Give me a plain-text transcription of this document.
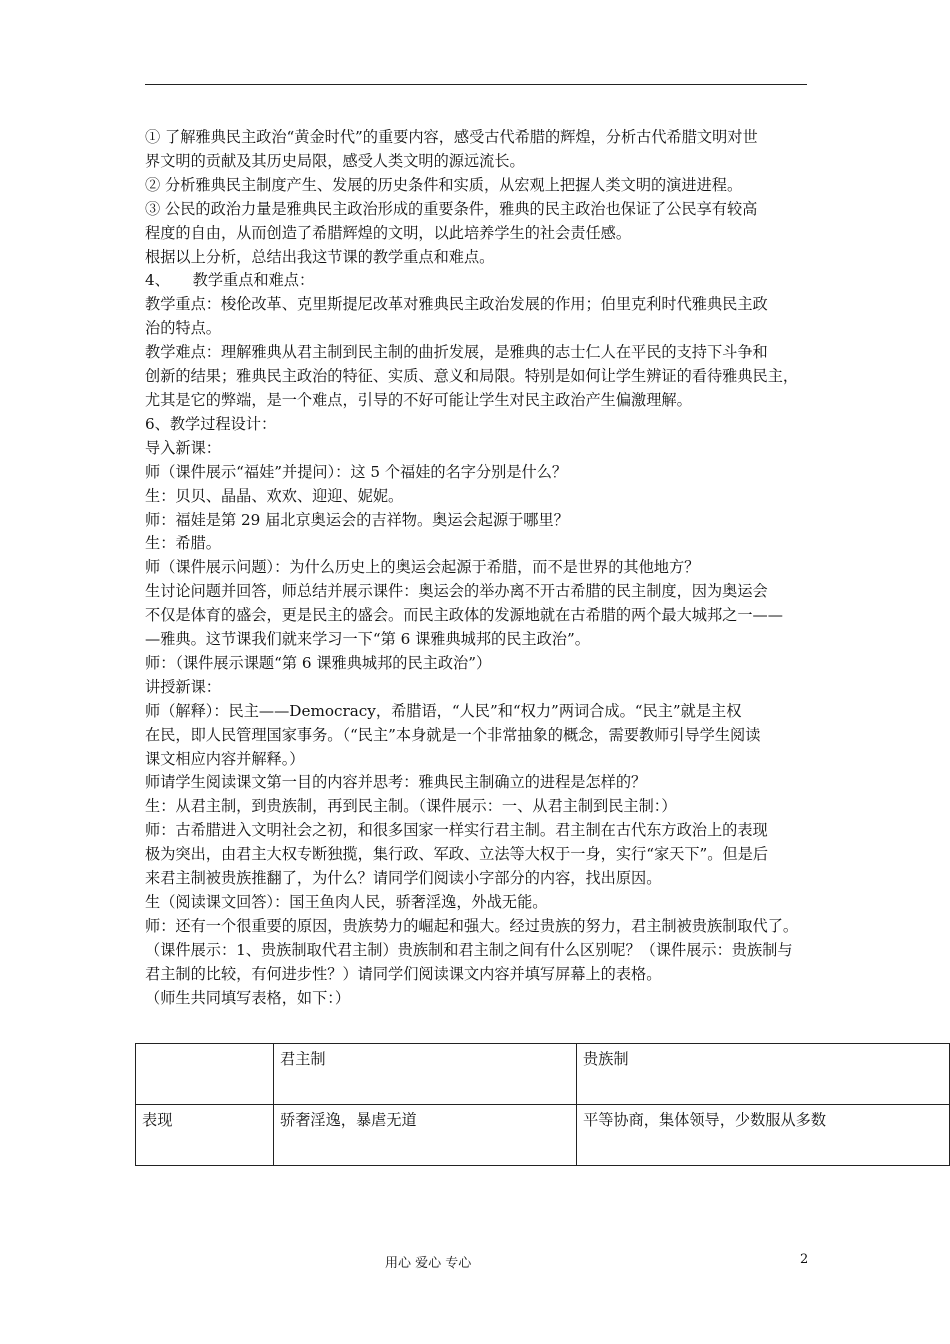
① 了解雅典民主政治“黄金时代”的重要内容，感受古代希腊的辉煌，分析古代希腊文明对世

界文明的贡献及其历史局限，感受人类文明的源远流长。

② 分析雅典民主制度产生、发展的历史条件和实质，从宏观上把握人类文明的演进进程。

③ 公民的政治力量是雅典民主政治形成的重要条件，雅典的民主政治也保证了公民享有较高

程度的自由，从而创造了希腊辉煌的文明，以此培养学生的社会责任感。

根据以上分析，总结出我这节课的教学重点和难点。

4、　　教学重点和难点：

教学重点：梭伦改革、克里斯提尼改革对雅典民主政治发展的作用；伯里克利时代雅典民主政

治的特点。

教学难点：理解雅典从君主制到民主制的曲折发展，是雅典的志士仁人在平民的支持下斗争和

创新的结果；雅典民主政治的特征、实质、意义和局限。特别是如何让学生辨证的看待雅典民主，

尤其是它的弊端，是一个难点，引导的不好可能让学生对民主政治产生偏激理解。

6、教学过程设计：

导入新课：

师（课件展示“福娃”并提问）：这 5 个福娃的名字分别是什么？

生：贝贝、晶晶、欢欢、迎迎、妮妮。

师：福娃是第 29 届北京奥运会的吉祥物。奥运会起源于哪里？

生：希腊。

师（课件展示问题）：为什么历史上的奥运会起源于希腊，而不是世界的其他地方？

生讨论问题并回答，师总结并展示课件：奥运会的举办离不开古希腊的民主制度，因为奥运会

不仅是体育的盛会，更是民主的盛会。而民主政体的发源地就在古希腊的两个最大城邦之一——

—雅典。这节课我们就来学习一下“第 6 课雅典城邦的民主政治”。

师：（课件展示课题“第 6 课雅典城邦的民主政治”）

讲授新课：

师（解释）：民主——Democracy，希腊语，“人民”和“权力”两词合成。“民主”就是主权

在民，即人民管理国家事务。（“民主”本身就是一个非常抽象的概念，需要教师引导学生阅读

课文相应内容并解释。）

师请学生阅读课文第一目的内容并思考：雅典民主制确立的进程是怎样的？

生：从君主制，到贵族制，再到民主制。（课件展示：一、从君主制到民主制：）

师：古希腊进入文明社会之初，和很多国家一样实行君主制。君主制在古代东方政治上的表现

极为突出，由君主大权专断独揽，集行政、军政、立法等大权于一身，实行“家天下”。但是后

来君主制被贵族推翻了，为什么？请同学们阅读小字部分的内容，找出原因。

生（阅读课文回答）：国王鱼肉人民，骄奢淫逸，外战无能。

师：还有一个很重要的原因，贵族势力的崛起和强大。经过贵族的努力，君主制被贵族制取代了。

（课件展示：1、贵族制取代君主制）贵族制和君主制之间有什么区别呢？（课件展示：贵族制与

君主制的比较，有何进步性？）请同学们阅读课文内容并填写屏幕上的表格。

（师生共同填写表格，如下：）

	君主制	贵族制
表现	骄奢淫逸，暴虐无道	平等协商，集体领导，少数服从多数
用心 爱心 专心	2
